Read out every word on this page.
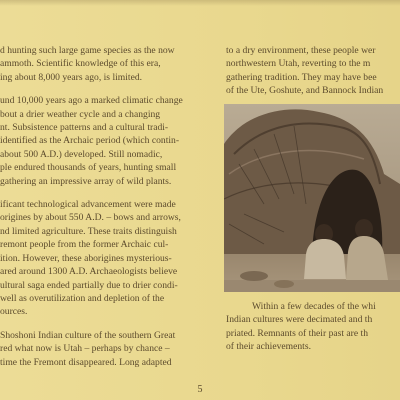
d hunting such large game species as the now
ammoth. Scientific knowledge of this era,
ing about 8,000 years ago, is limited.
und 10,000 years ago a marked climatic change
bout a drier weather cycle and a changing
nt. Subsistence patterns and a cultural tradi-
identified as the Archaic period (which contin-
about 500 A.D.) developed. Still nomadic,
ple endured thousands of years, hunting small
gathering an impressive array of wild plants.
ificant technological advancement were made
origines by about 550 A.D. – bows and arrows,
nd limited agriculture. These traits distinguish
remont people from the former Archaic cul-
ition. However, these aborigines mysterious-
ared around 1300 A.D. Archaeologists believe
ultural saga ended partially due to drier condi-
well as overutilization and depletion of the
ources.
Shoshoni Indian culture of the southern Great
red what now is Utah – perhaps by chance –
time the Fremont disappeared. Long adapted
to a dry environment, these people wer
northwestern Utah, reverting to the m
gathering tradition. They may have bee
of the Ute, Goshute, and Bannock Indian
Within a few decades of the whi
Indian cultures were decimated and th
priated. Remnants of their past are th
of their achievements.
5
